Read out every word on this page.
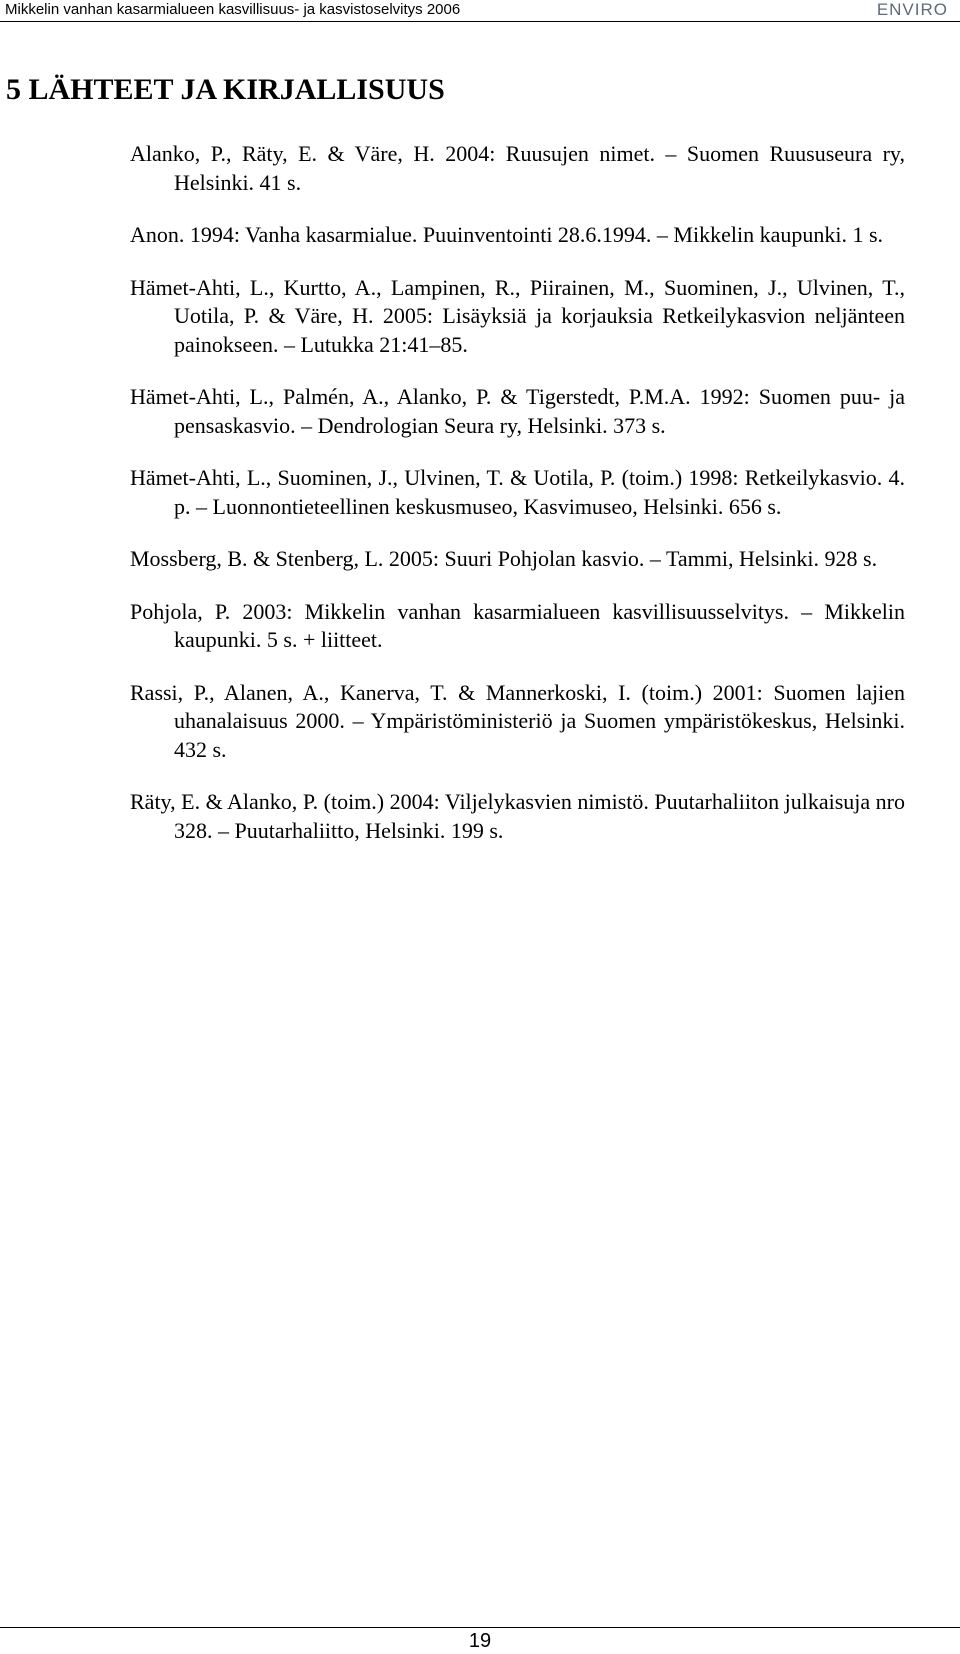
Mikkelin vanhan kasarmialueen kasvillisuus- ja kasvistoselvitys 2006	ENVIRO
5 LÄHTEET JA KIRJALLISUUS
Alanko, P., Räty, E. & Väre, H. 2004: Ruusujen nimet. – Suomen Ruususeura ry, Helsinki. 41 s.
Anon. 1994: Vanha kasarmialue. Puuinventointi 28.6.1994. – Mikkelin kaupunki. 1 s.
Hämet-Ahti, L., Kurtto, A., Lampinen, R., Piirainen, M., Suominen, J., Ulvinen, T., Uotila, P. & Väre, H. 2005: Lisäyksiä ja korjauksia Retkeilykasvion neljänteen painokseen. – Lutukka 21:41–85.
Hämet-Ahti, L., Palmén, A., Alanko, P. & Tigerstedt, P.M.A. 1992: Suomen puu- ja pensaskasvio. – Dendrologian Seura ry, Helsinki. 373 s.
Hämet-Ahti, L., Suominen, J., Ulvinen, T. & Uotila, P. (toim.) 1998: Retkeilykasvio. 4. p. – Luonnontieteellinen keskusmuseo, Kasvimuseo, Helsinki. 656 s.
Mossberg, B. & Stenberg, L. 2005: Suuri Pohjolan kasvio. – Tammi, Helsinki. 928 s.
Pohjola, P. 2003: Mikkelin vanhan kasarmialueen kasvillisuusselvitys. – Mikkelin kaupunki. 5 s. + liitteet.
Rassi, P., Alanen, A., Kanerva, T. & Mannerkoski, I. (toim.) 2001: Suomen lajien uhanalaisuus 2000. – Ympäristöministeriö ja Suomen ympäristökeskus, Helsinki. 432 s.
Räty, E. & Alanko, P. (toim.) 2004: Viljelykasvien nimistö. Puutarhaliiton julkaisuja nro 328. – Puutarhaliitto, Helsinki. 199 s.
19
